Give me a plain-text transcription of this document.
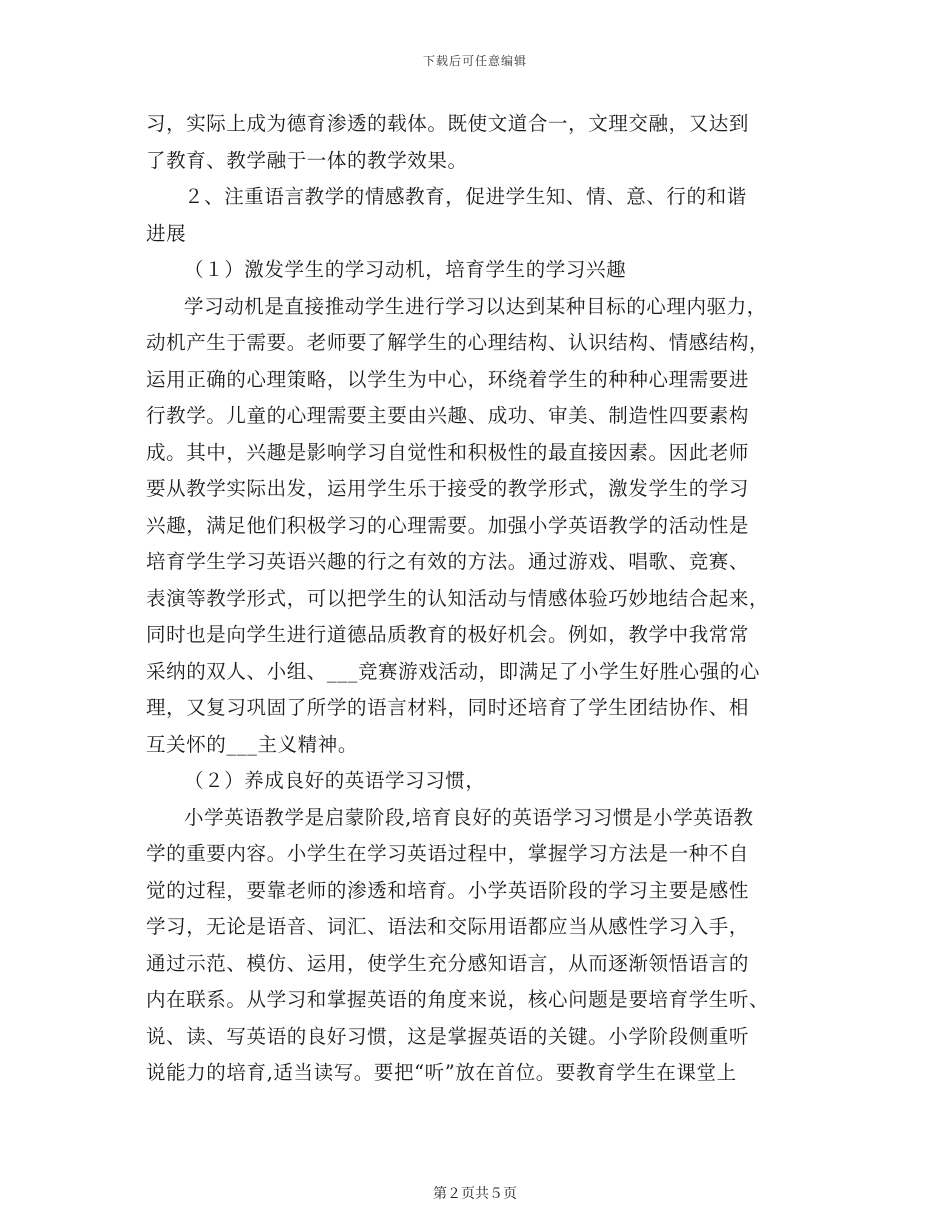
下载后可任意编辑
习，实际上成为德育渗透的载体。既使文道合一，文理交融，又达到
了教育、教学融于一体的教学效果。
２、注重语言教学的情感教育，促进学生知、情、意、行的和谐
进展
（１）激发学生的学习动机，培育学生的学习兴趣
学习动机是直接推动学生进行学习以达到某种目标的心理内驱力，
动机产生于需要。老师要了解学生的心理结构、认识结构、情感结构，
运用正确的心理策略，以学生为中心，环绕着学生的种种心理需要进
行教学。儿童的心理需要主要由兴趣、成功、审美、制造性四要素构
成。其中，兴趣是影响学习自觉性和积极性的最直接因素。因此老师
要从教学实际出发，运用学生乐于接受的教学形式，激发学生的学习
兴趣，满足他们积极学习的心理需要。加强小学英语教学的活动性是
培育学生学习英语兴趣的行之有效的方法。通过游戏、唱歌、竞赛、
表演等教学形式，可以把学生的认知活动与情感体验巧妙地结合起来，
同时也是向学生进行道德品质教育的极好机会。例如，教学中我常常
采纳的双人、小组、___竞赛游戏活动，即满足了小学生好胜心强的心
理，又复习巩固了所学的语言材料，同时还培育了学生团结协作、相
互关怀的___主义精神。
（２）养成良好的英语学习习惯，
小学英语教学是启蒙阶段,培育良好的英语学习习惯是小学英语教
学的重要内容。小学生在学习英语过程中，掌握学习方法是一种不自
觉的过程，要靠老师的渗透和培育。小学英语阶段的学习主要是感性
学习，无论是语音、词汇、语法和交际用语都应当从感性学习入手，
通过示范、模仿、运用，使学生充分感知语言，从而逐渐领悟语言的
内在联系。从学习和掌握英语的角度来说，核心问题是要培育学生听、
说、读、写英语的良好习惯，这是掌握英语的关键。小学阶段侧重听
说能力的培育,适当读写。要把“听”放在首位。要教育学生在课堂上
第２页共５页
